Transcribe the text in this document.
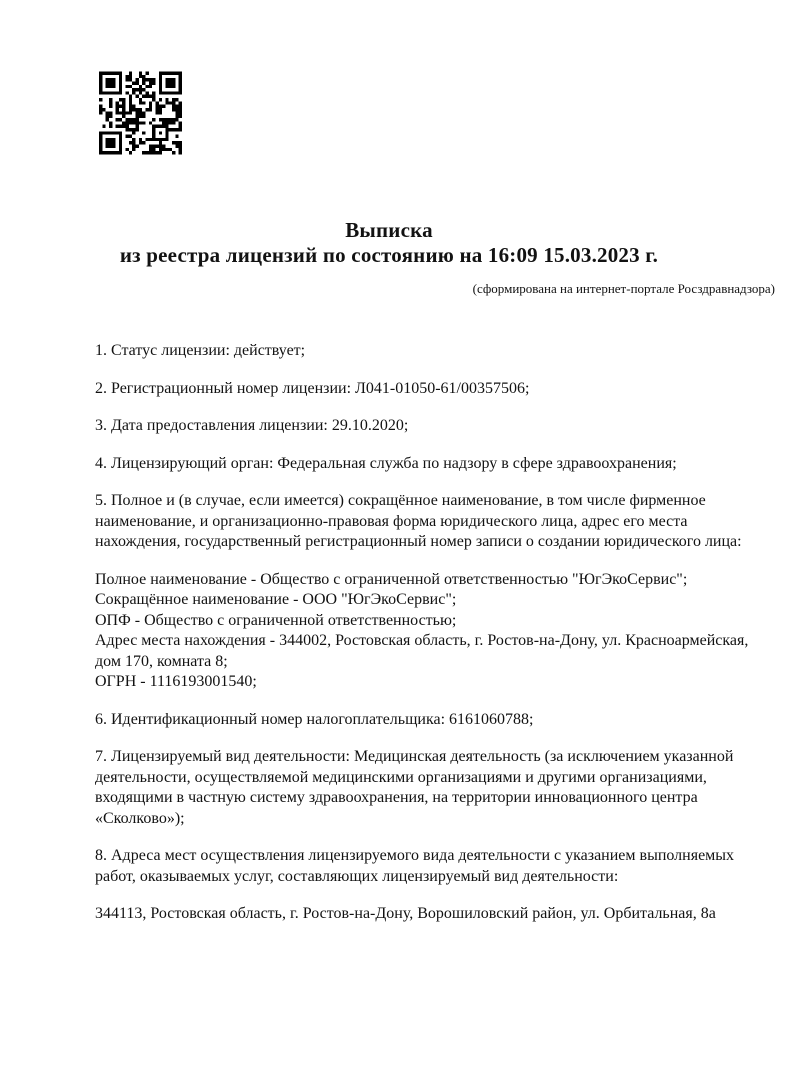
Выписка
из реестра лицензий по состоянию на 16:09 15.03.2023 г.
(сформирована на интернет-портале Росздравнадзора)
1. Статус лицензии: действует;
2. Регистрационный номер лицензии: Л041-01050-61/00357506;
3. Дата предоставления лицензии: 29.10.2020;
4. Лицензирующий орган: Федеральная служба по надзору в сфере здравоохранения;
5. Полное и (в случае, если имеется) сокращённое наименование, в том числе фирменное
наименование, и организационно-правовая форма юридического лица, адрес его места
нахождения, государственный регистрационный номер записи о создании юридического лица:
Полное наименование - Общество с ограниченной ответственностью "ЮгЭкоСервис";
Сокращённое наименование - ООО "ЮгЭкоСервис";
ОПФ - Общество с ограниченной ответственностью;
Адрес места нахождения - 344002, Ростовская область, г. Ростов-на-Дону, ул. Красноармейская,
дом 170, комната 8;
ОГРН - 1116193001540;
6. Идентификационный номер налогоплательщика: 6161060788;
7. Лицензируемый вид деятельности: Медицинская деятельность (за исключением указанной
деятельности, осуществляемой медицинскими организациями и другими организациями,
входящими в частную систему здравоохранения, на территории инновационного центра
«Сколково»);
8. Адреса мест осуществления лицензируемого вида деятельности с указанием выполняемых
работ, оказываемых услуг, составляющих лицензируемый вид деятельности:
344113, Ростовская область, г. Ростов-на-Дону, Ворошиловский район, ул. Орбитальная, 8а
